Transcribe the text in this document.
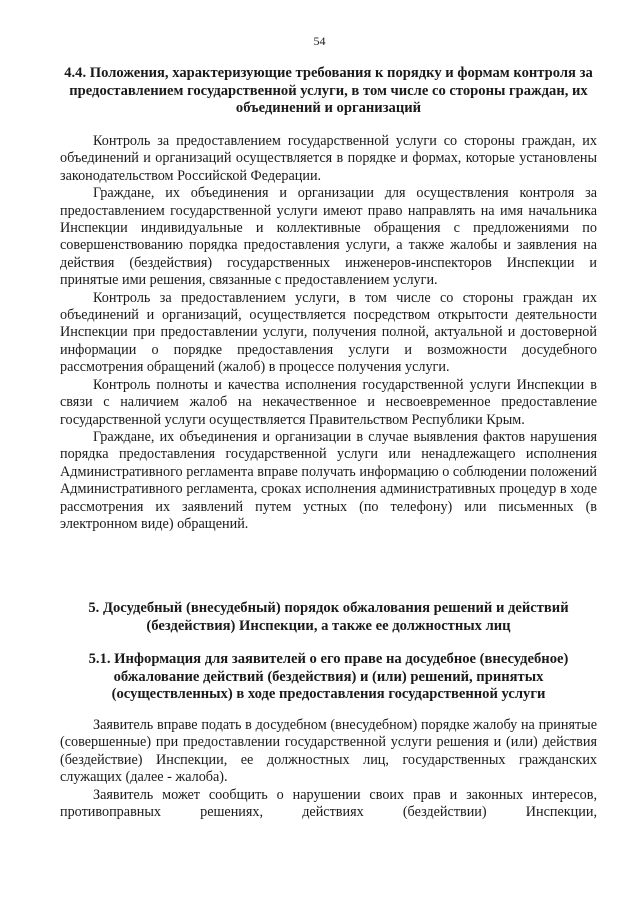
54
4.4. Положения, характеризующие требования к порядку и формам контроля за предоставлением государственной услуги, в том числе со стороны граждан, их объединений и организаций

Контроль за предоставлением государственной услуги со стороны граждан, их объединений и организаций осуществляется в порядке и формах, которые установлены законодательством Российской Федерации.

Граждане, их объединения и организации для осуществления контроля за предоставлением государственной услуги имеют право направлять на имя начальника Инспекции индивидуальные и коллективные обращения с предложениями по совершенствованию порядка предоставления услуги, а также жалобы и заявления на действия (бездействия) государственных инженеров-инспекторов Инспекции и принятые ими решения, связанные с предоставлением услуги.

Контроль за предоставлением услуги, в том числе со стороны граждан их объединений и организаций, осуществляется посредством открытости деятельности Инспекции при предоставлении услуги, получения полной, актуальной и достоверной информации о порядке предоставления услуги и возможности досудебного рассмотрения обращений (жалоб) в процессе получения услуги.

Контроль полноты и качества исполнения государственной услуги Инспекции в связи с наличием жалоб на некачественное и несвоевременное предоставление государственной услуги осуществляется Правительством Республики Крым.

Граждане, их объединения и организации в случае выявления фактов нарушения порядка предоставления государственной услуги или ненадлежащего исполнения Административного регламента вправе получать информацию о соблюдении положений Административного регламента, сроках исполнения административных процедур в ходе рассмотрения их заявлений путем устных (по телефону) или письменных (в электронном виде) обращений.

5. Досудебный (внесудебный) порядок обжалования решений и действий (бездействия) Инспекции, а также ее должностных лиц
5.1. Информация для заявителей о его праве на досудебное (внесудебное) обжалование действий (бездействия) и (или) решений, принятых (осуществленных) в ходе предоставления государственной услуги

Заявитель вправе подать в досудебном (внесудебном) порядке жалобу на принятые (совершенные) при предоставлении государственной услуги решения и (или) действия (бездействие) Инспекции, ее должностных лиц, государственных гражданских служащих (далее - жалоба).

Заявитель может сообщить о нарушении своих прав и законных интересов, противоправных решениях, действиях (бездействии) Инспекции,
